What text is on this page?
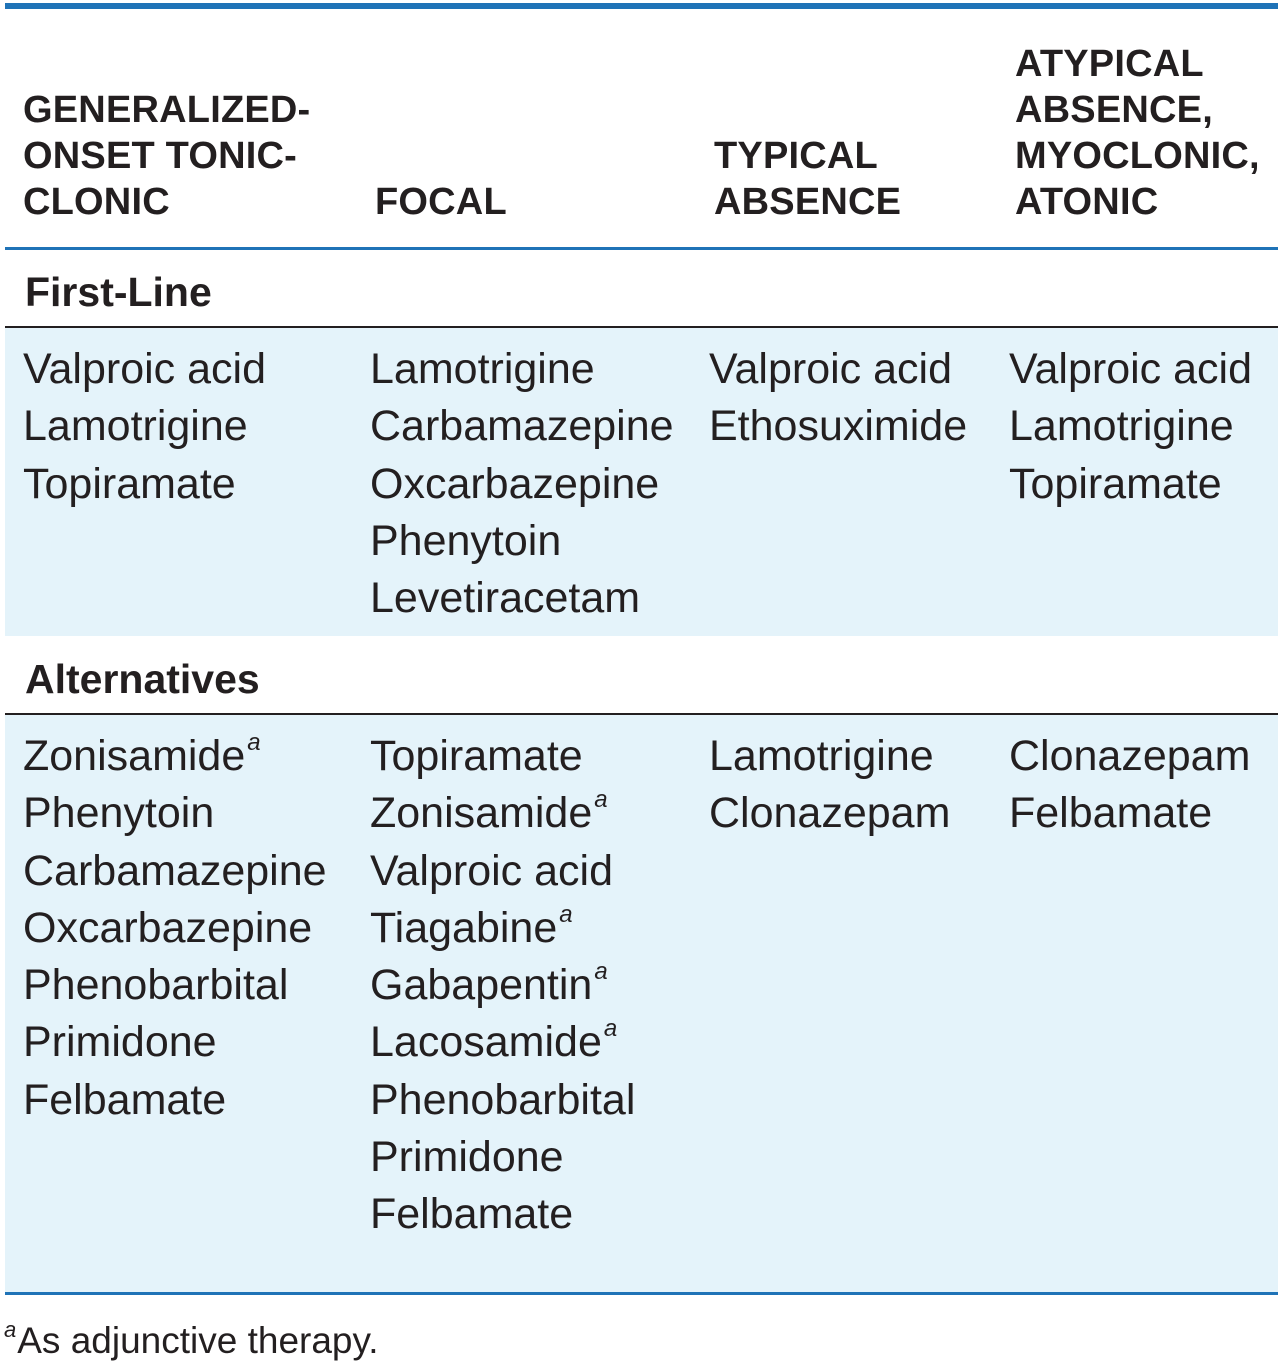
GENERALIZED-
ONSET TONIC-
CLONIC	FOCAL
TYPICAL
ABSENCE
ATYPICAL
ABSENCE,
MYOCLONIC,
ATONIC
First-Line
Valproic acid
Lamotrigine
Topiramate
Lamotrigine
Carbamazepine
Oxcarbazepine
Phenytoin
Levetiracetam
Valproic acid
Ethosuximide
Valproic acid
Lamotrigine
Topiramate
Alternatives
Zonisamide$^a$
Phenytoin
Carbamazepine
Oxcarbazepine
Phenobarbital
Primidone
Felbamate
Topiramate
Zonisamide$^a$
Valproic acid
Tiagabine$^a$
Gabapentin$^a$
Lacosamide$^a$
Phenobarbital
Primidone
Felbamate
Lamotrigine
Clonazepam
Clonazepam
Felbamate
$^a$As adjunctive therapy.
